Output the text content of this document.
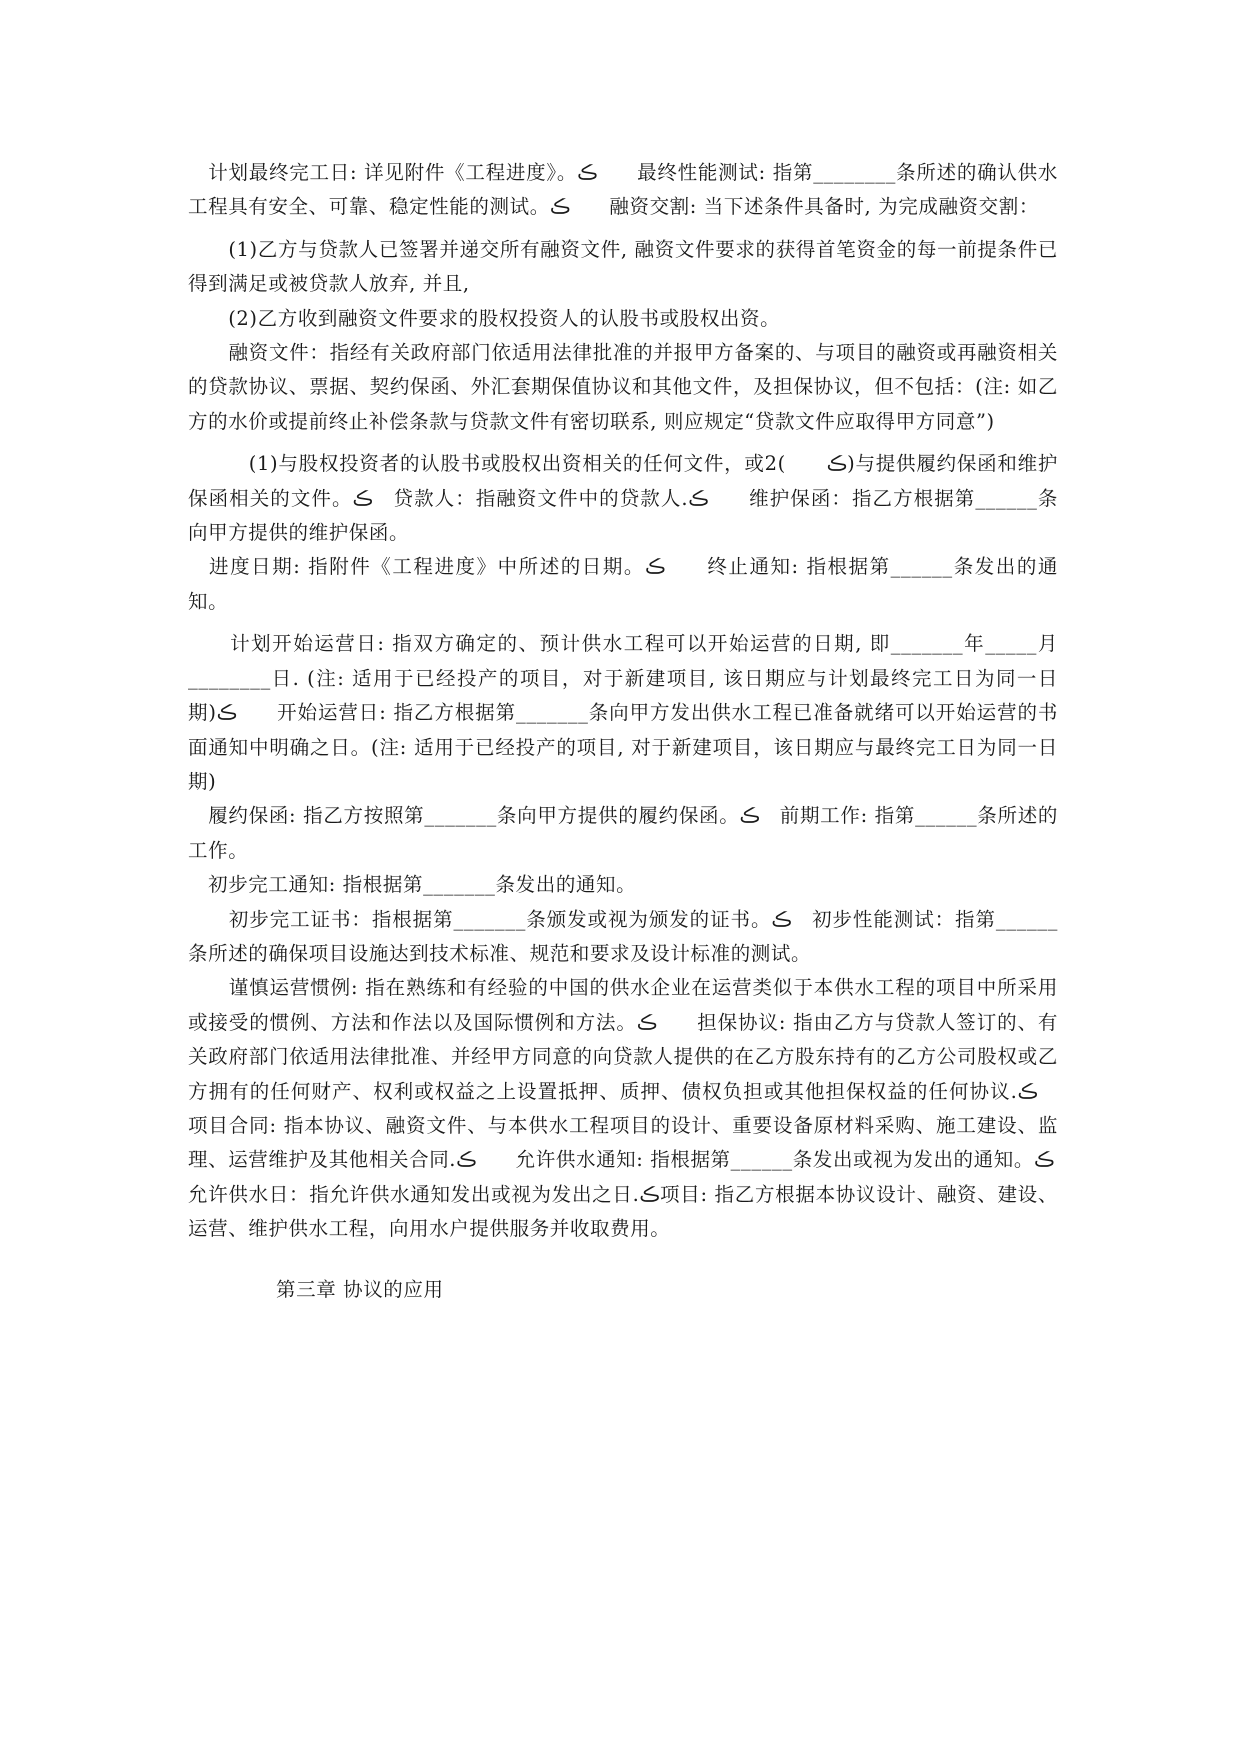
　计划最终完工日: 详见附件《工程进度》。ڪ　　最终性能测试: 指第________条所述的确认供水工程具有安全、可靠、稳定性能的测试。ڪ　　融资交割: 当下述条件具备时, 为完成融资交割：

　　(1)乙方与贷款人已签署并递交所有融资文件, 融资文件要求的获得首笔资金的每一前提条件已得到满足或被贷款人放弃, 并且,

　　(2)乙方收到融资文件要求的股权投资人的认股书或股权出资。

　　融资文件：指经有关政府部门依适用法律批准的并报甲方备案的、与项目的融资或再融资相关的贷款协议、票据、契约保函、外汇套期保值协议和其他文件，及担保协议，但不包括：(注: 如乙方的水价或提前终止补偿条款与贷款文件有密切联系, 则应规定“贷款文件应取得甲方同意”)

　　　(1)与股权投资者的认股书或股权出资相关的任何文件，或2(　　ڪ)与提供履约保函和维护保函相关的文件。ڪ　贷款人：指融资文件中的贷款人.ڪ　　维护保函：指乙方根据第______条向甲方提供的维护保函。

　进度日期: 指附件《工程进度》中所述的日期。ڪ　　终止通知: 指根据第______条发出的通知。

　　计划开始运营日: 指双方确定的、预计供水工程可以开始运营的日期, 即_______年_____月________日. (注: 适用于已经投产的项目，对于新建项目, 该日期应与计划最终完工日为同一日期)ڪ　　开始运营日: 指乙方根据第_______条向甲方发出供水工程已准备就绪可以开始运营的书面通知中明确之日。(注: 适用于已经投产的项目, 对于新建项目，该日期应与最终完工日为同一日期)

　履约保函: 指乙方按照第_______条向甲方提供的履约保函。ڪ　前期工作: 指第______条所述的工作。

　初步完工通知: 指根据第_______条发出的通知。

　　初步完工证书：指根据第_______条颁发或视为颁发的证书。ڪ　初步性能测试：指第______条所述的确保项目设施达到技术标准、规范和要求及设计标准的测试。

　　谨慎运营惯例: 指在熟练和有经验的中国的供水企业在运营类似于本供水工程的项目中所采用或接受的惯例、方法和作法以及国际惯例和方法。ڪ　　担保协议: 指由乙方与贷款人签订的、有关政府部门依适用法律批准、并经甲方同意的向贷款人提供的在乙方股东持有的乙方公司股权或乙方拥有的任何财产、权利或权益之上设置抵押、质押、债权负担或其他担保权益的任何协议.ڪ　项目合同: 指本协议、融资文件、与本供水工程项目的设计、重要设备原材料采购、施工建设、监理、运营维护及其他相关合同.ڪ　　允许供水通知: 指根据第______条发出或视为发出的通知。ڪ　　允许供水日：指允许供水通知发出或视为发出之日.ڪ项目: 指乙方根据本协议设计、融资、建设、运营、维护供水工程，向用水户提供服务并收取费用。

第三章 协议的应用
